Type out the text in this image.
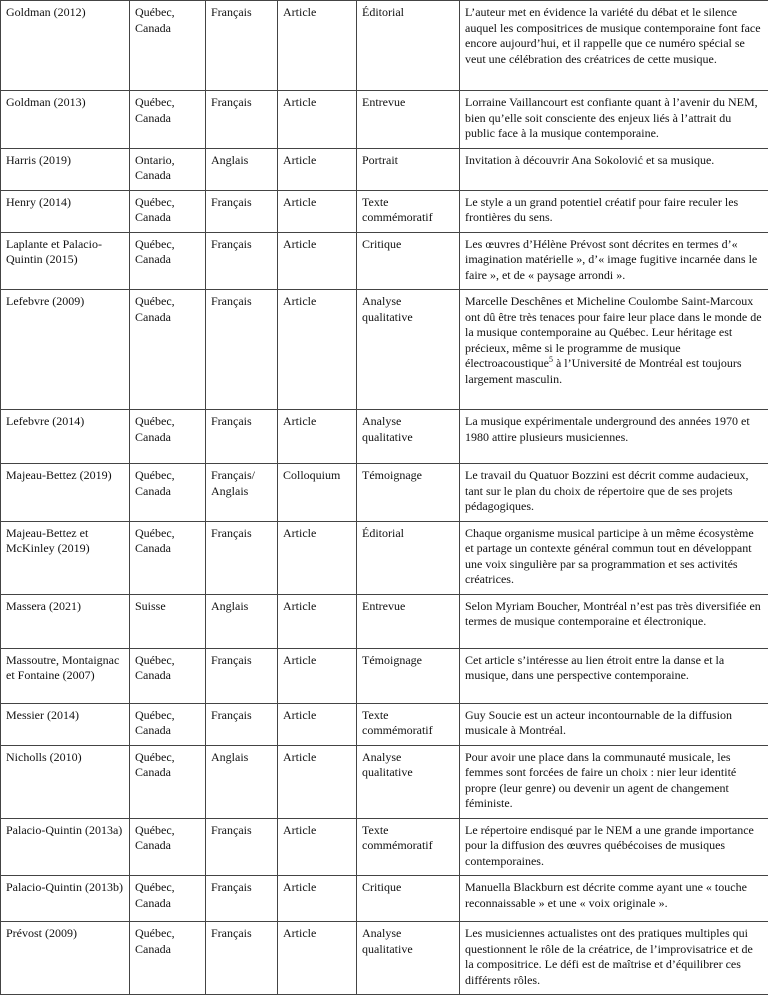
Goldman (2012)	Québec, Canada	Français	Article	Éditorial	L’auteur met en évidence la variété du débat et le silence auquel les compositrices de musique contemporaine font face encore aujourd’hui, et il rappelle que ce numéro spécial se veut une célébration des créatrices de cette musique.
Goldman (2013)	Québec, Canada	Français	Article	Entrevue	Lorraine Vaillancourt est confiante quant à l’avenir du NEM, bien qu’elle soit consciente des enjeux liés à l’attrait du public face à la musique contemporaine.
Harris (2019)	Ontario, Canada	Anglais	Article	Portrait	Invitation à découvrir Ana Sokolović et sa musique.
Henry (2014)	Québec, Canada	Français	Article	Texte commémoratif	Le style a un grand potentiel créatif pour faire reculer les frontières du sens.
Laplante et Palacio-Quintin (2015)	Québec, Canada	Français	Article	Critique	Les œuvres d’Hélène Prévost sont décrites en termes d’« imagination matérielle », d’« image fugitive incarnée dans le faire », et de « paysage arrondi ».
Lefebvre (2009)	Québec, Canada	Français	Article	Analyse qualitative	Marcelle Deschênes et Micheline Coulombe Saint-Marcoux ont dû être très tenaces pour faire leur place dans le monde de la musique contemporaine au Québec. Leur héritage est précieux, même si le programme de musique électroacoustique$^5$ à l’Université de Montréal est toujours largement masculin.
Lefebvre (2014)	Québec, Canada	Français	Article	Analyse qualitative	La musique expérimentale underground des années 1970 et 1980 attire plusieurs musiciennes.
Majeau-Bettez (2019)	Québec, Canada	Français/ Anglais	Colloquium	Témoignage	Le travail du Quatuor Bozzini est décrit comme audacieux, tant sur le plan du choix de répertoire que de ses projets pédagogiques.
Majeau-Bettez et McKinley (2019)	Québec, Canada	Français	Article	Éditorial	Chaque organisme musical participe à un même écosystème et partage un contexte général commun tout en développant une voix singulière par sa programmation et ses activités créatrices.
Massera (2021)	Suisse	Anglais	Article	Entrevue	Selon Myriam Boucher, Montréal n’est pas très diversifiée en termes de musique contemporaine et électronique.
Massoutre, Montaignac et Fontaine (2007)	Québec, Canada	Français	Article	Témoignage	Cet article s’intéresse au lien étroit entre la danse et la musique, dans une perspective contemporaine.
Messier (2014)	Québec, Canada	Français	Article	Texte commémoratif	Guy Soucie est un acteur incontournable de la diffusion musicale à Montréal.
Nicholls (2010)	Québec, Canada	Anglais	Article	Analyse qualitative	Pour avoir une place dans la communauté musicale, les femmes sont forcées de faire un choix : nier leur identité propre (leur genre) ou devenir un agent de changement féministe.
Palacio-Quintin (2013a)	Québec, Canada	Français	Article	Texte commémoratif	Le répertoire endisqué par le NEM a une grande importance pour la diffusion des œuvres québécoises de musiques contemporaines.
Palacio-Quintin (2013b)	Québec, Canada	Français	Article	Critique	Manuella Blackburn est décrite comme ayant une « touche reconnaissable » et une « voix originale ».
Prévost (2009)	Québec, Canada	Français	Article	Analyse qualitative	Les musiciennes actualistes ont des pratiques multiples qui questionnent le rôle de la créatrice, de l’improvisatrice et de la compositrice. Le défi est de maîtrise et d’équilibrer ces différents rôles.
